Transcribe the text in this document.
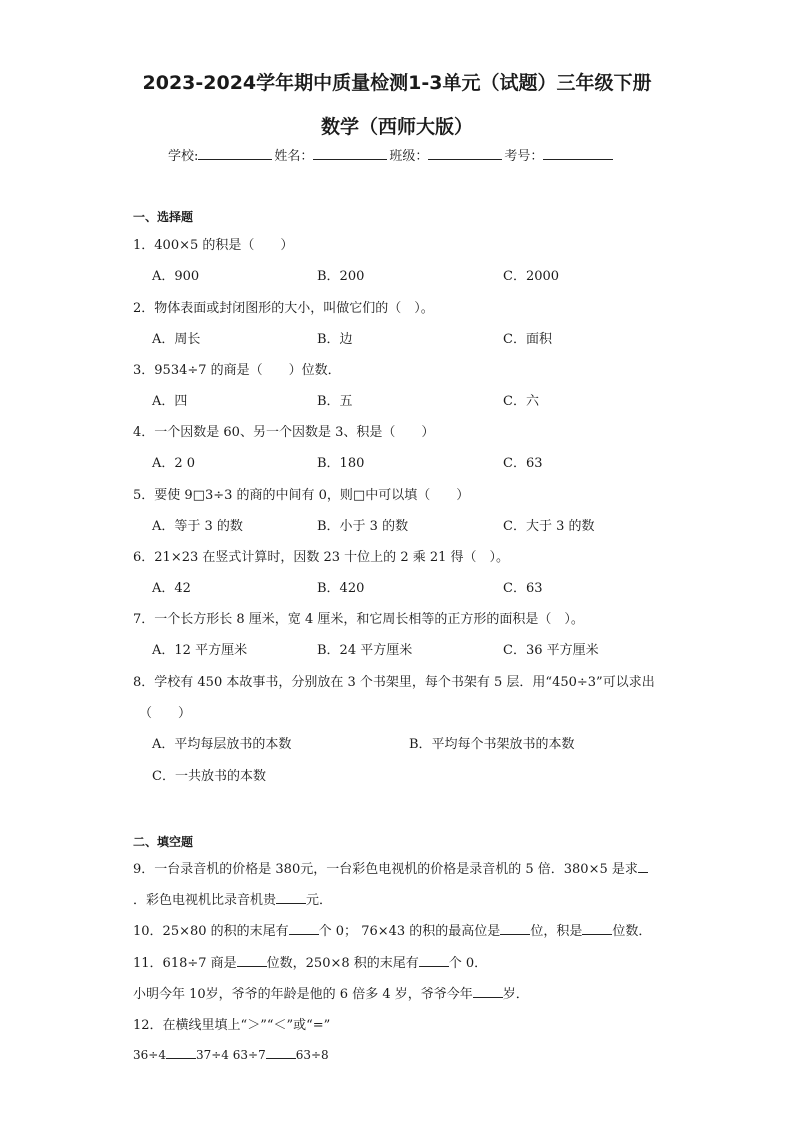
2023-2024学年期中质量检测1-3单元（试题）三年级下册
数学（西师大版）
学校:	姓名：	班级：	考号：
一、选择题
1．400×5 的积是（　　）
A．900	B．200	C．2000
2．物体表面或封闭图形的大小，叫做它们的（　）。
A．周长	B．边	C．面积
3．9534÷7 的商是（　　）位数．
A．四	B．五	C．六
4．一个因数是 60、另一个因数是 3、积是（　　）
A．2 0	B．180	C．63
5．要使 9□3÷3 的商的中间有 0，则□中可以填（　　）
A．等于 3 的数	B．小于 3 的数	C．大于 3 的数
6．21×23 在竖式计算时，因数 23 十位上的 2 乘 21 得（　）。
A．42	B．420	C．63
7．一个长方形长 8 厘米，宽 4 厘米，和它周长相等的正方形的面积是（　）。
A．12 平方厘米	B．24 平方厘米	C．36 平方厘米
8．学校有 450 本故事书，分别放在 3 个书架里，每个书架有 5 层．用“450÷3”可以求出
（　　）
A．平均每层放书的本数	B．平均每个书架放书的本数
C．一共放书的本数
二、填空题
9．一台录音机的价格是 380元，一台彩色电视机的价格是录音机的 5 倍．380×5 是求
．彩色电视机比录音机贵 元．
10．25×80 的积的末尾有 个 0； 76×43 的积的最高位是 位，积是 位数．
11．618÷7 商是 位数，250×8 积的末尾有 个 0．
小明今年 10岁，爷爷的年龄是他的 6 倍多 4 岁，爷爷今年 岁．
12．在横线里填上“＞”“＜”或“=”
36÷4	37÷4 63÷7	63÷8
